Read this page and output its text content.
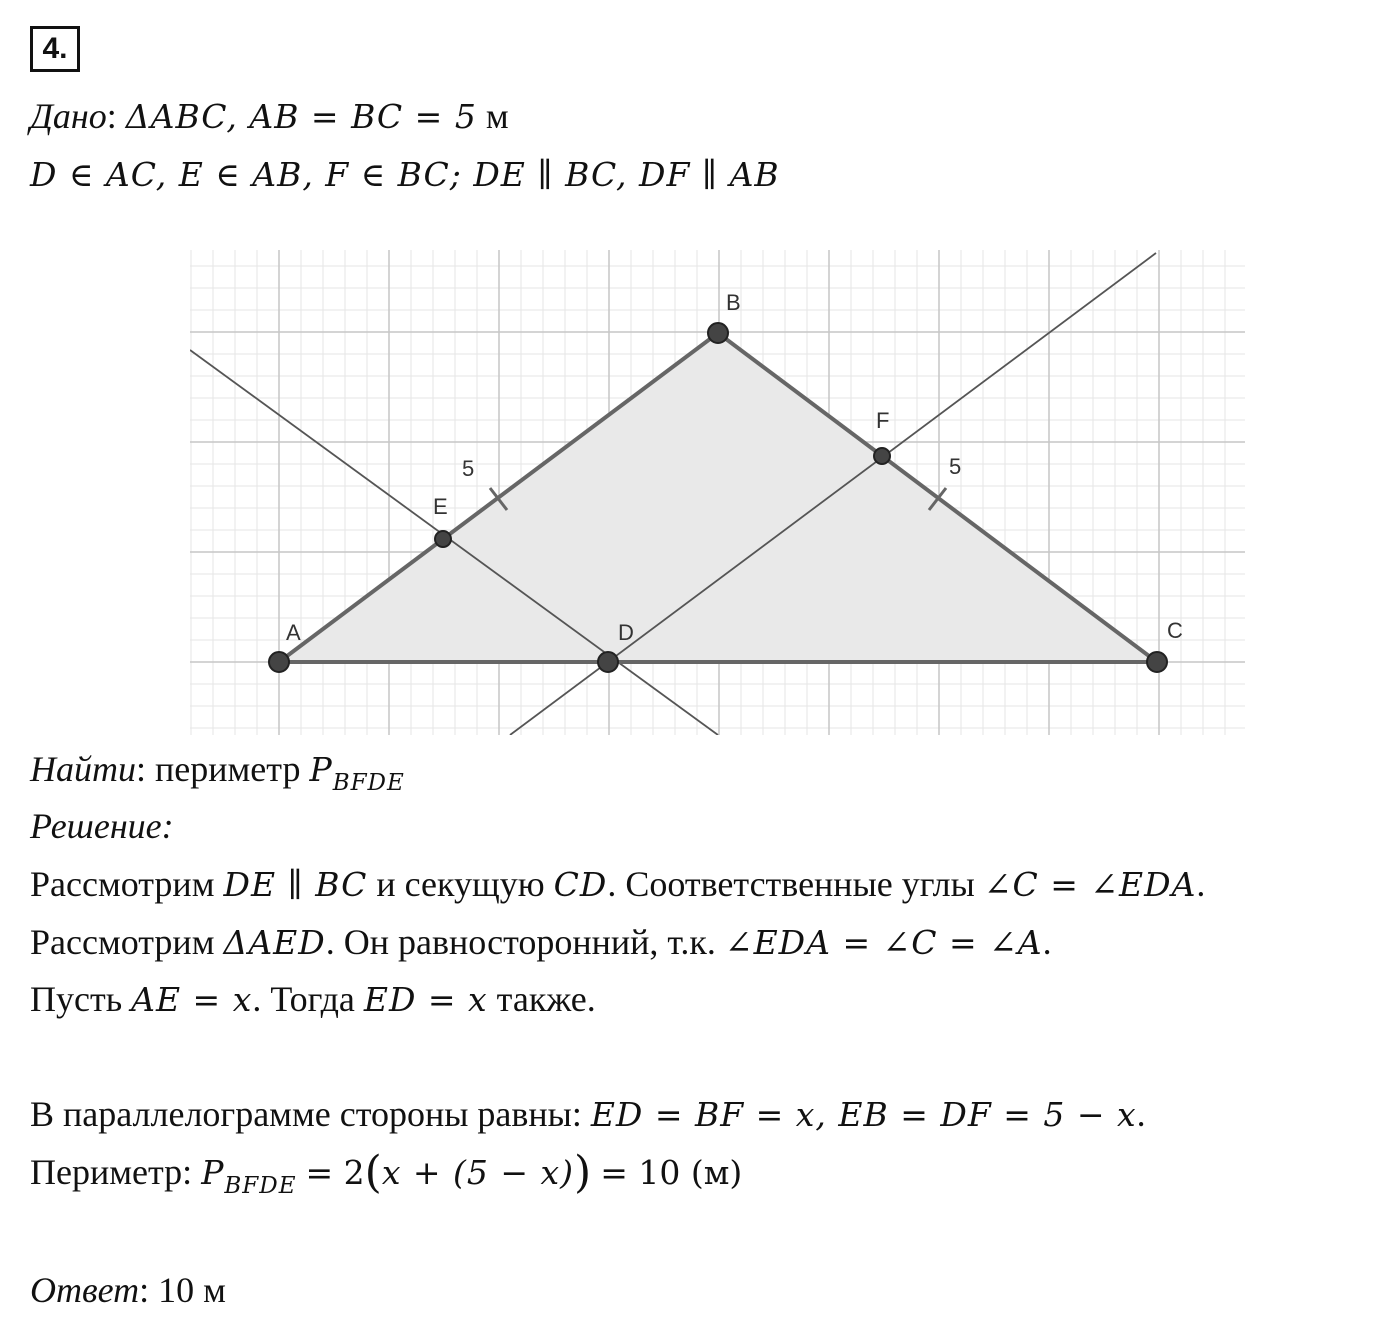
4.
Дано: ΔABC, AB = BC = 5 м
D ∈ AC, E ∈ AB, F ∈ BC; DE ∥ BC, DF ∥ AB
5	5
A
B
C
D
E
F
Найти: периметр $P_{BFDE}$
Решение:
Рассмотрим DE ∥ BC и секущую CD. Соответственные углы ∠C = ∠EDA.
Рассмотрим ΔAED. Он равносторонний, т.к. ∠EDA = ∠C = ∠A.
Пусть AE = x. Тогда ED = x также.
В параллелограмме стороны равны: ED = BF = x, EB = DF = 5 − x.
Периметр: $P_{BFDE} = 2(x + (5 - x)) = 10$ (м)
Ответ: 10 м
